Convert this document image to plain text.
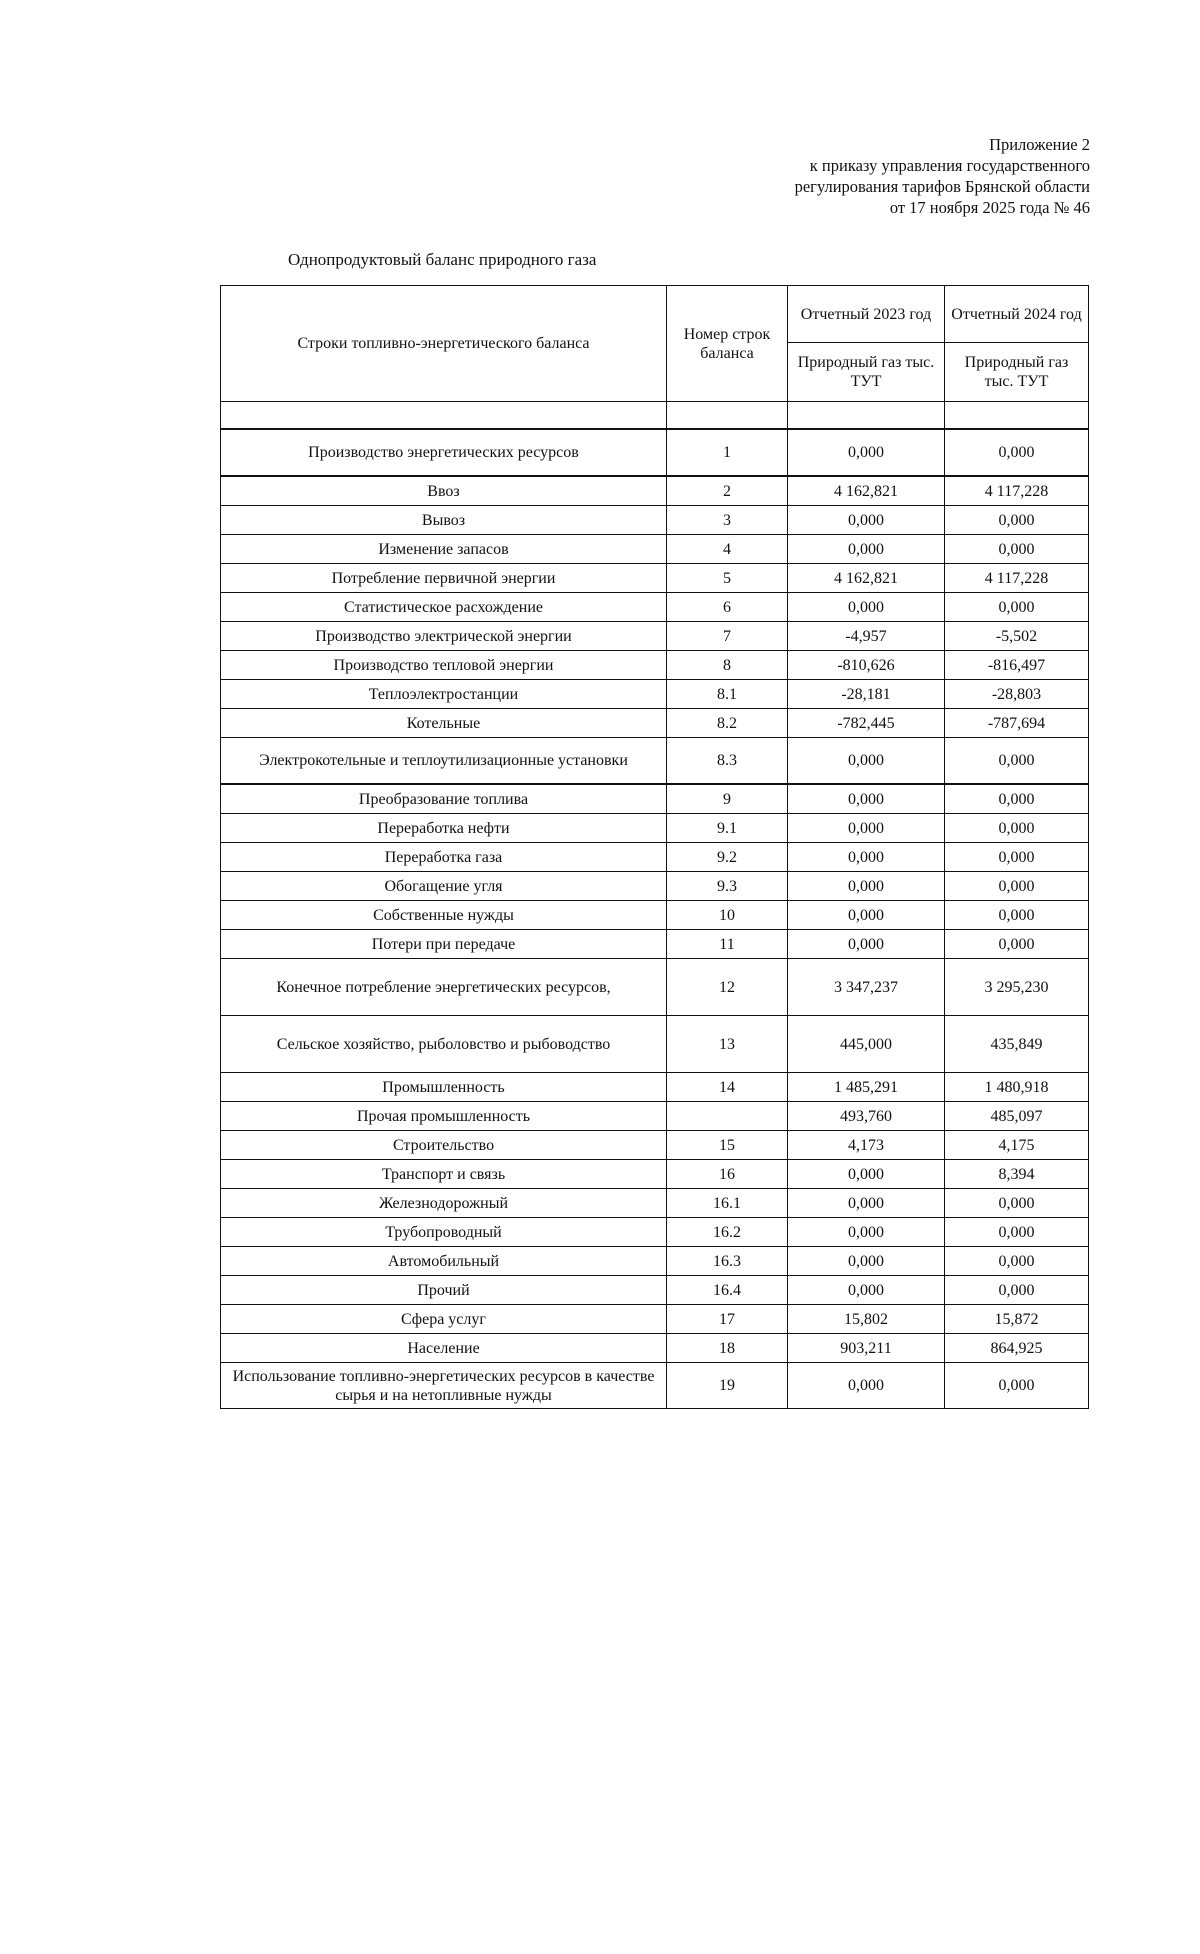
Приложение 2
к приказу управления государственного
регулирования тарифов Брянской области
от 17 ноября 2025 года № 46
Однопродуктовый баланс природного газа
Строки топливно-энергетического баланса	Номер строк баланса	Отчетный 2023 год	Отчетный 2024 год
		Природный газ тыс. ТУТ	Природный газ тыс. ТУТ

Производство энергетических ресурсов	1	0,000	0,000
Ввоз	2	4 162,821	4 117,228
Вывоз	3	0,000	0,000
Изменение запасов	4	0,000	0,000
Потребление первичной энергии	5	4 162,821	4 117,228
Статистическое расхождение	6	0,000	0,000
Производство электрической энергии	7	-4,957	-5,502
Производство тепловой энергии	8	-810,626	-816,497
Теплоэлектростанции	8.1	-28,181	-28,803
Котельные	8.2	-782,445	-787,694
Электрокотельные и теплоутилизационные установки	8.3	0,000	0,000
Преобразование топлива	9	0,000	0,000
Переработка нефти	9.1	0,000	0,000
Переработка газа	9.2	0,000	0,000
Обогащение угля	9.3	0,000	0,000
Собственные нужды	10	0,000	0,000
Потери при передаче	11	0,000	0,000
Конечное потребление энергетических ресурсов,	12	3 347,237	3 295,230
Сельское хозяйство, рыболовство и рыбоводство	13	445,000	435,849
Промышленность	14	1 485,291	1 480,918
Прочая промышленность		493,760	485,097
Строительство	15	4,173	4,175
Транспорт и связь	16	0,000	8,394
Железнодорожный	16.1	0,000	0,000
Трубопроводный	16.2	0,000	0,000
Автомобильный	16.3	0,000	0,000
Прочий	16.4	0,000	0,000
Сфера услуг	17	15,802	15,872
Население	18	903,211	864,925
Использование топливно-энергетических ресурсов в качестве сырья и на нетопливные нужды	19	0,000	0,000
